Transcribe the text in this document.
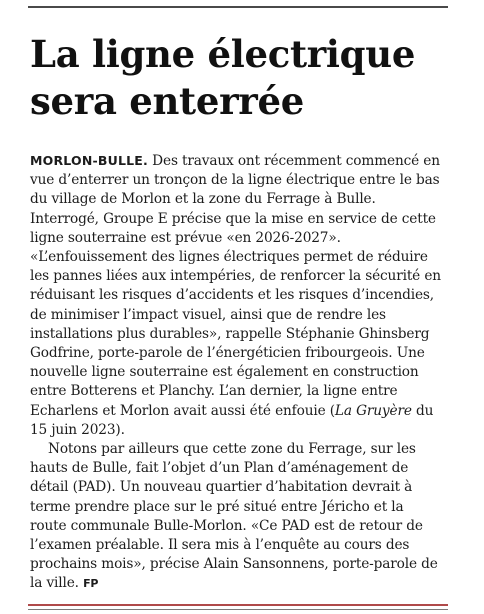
La ligne électrique sera enterrée

MORLON-BULLE. Des travaux ont récemment commencé en vue d’enterrer un tronçon de la ligne électrique entre le bas du village de Morlon et la zone du Ferrage à Bulle. Interrogé, Groupe E précise que la mise en service de cette ligne souterraine est prévue «en 2026-2027». «L’enfouissement des lignes électriques permet de réduire les pannes liées aux intempéries, de renforcer la sécurité en réduisant les risques d’accidents et les risques d’incendies, de minimiser l’impact visuel, ainsi que de rendre les installations plus durables», rappelle Stéphanie Ghinsberg Godfrine, porte-parole de l’énergéticien fribourgeois. Une nouvelle ligne souterraine est également en construction entre Botterens et Planchy. L’an dernier, la ligne entre Echarlens et Morlon avait aussi été enfouie (La Gruyère du 15 juin 2023).

Notons par ailleurs que cette zone du Ferrage, sur les hauts de Bulle, fait l’objet d’un Plan d’aménagement de détail (PAD). Un nouveau quartier d’habitation devrait à terme prendre place sur le pré situé entre Jéricho et la route communale Bulle-Morlon. «Ce PAD est de retour de l’examen préalable. Il sera mis à l’enquête au cours des prochains mois», précise Alain Sansonnens, porte-parole de la ville. FP
